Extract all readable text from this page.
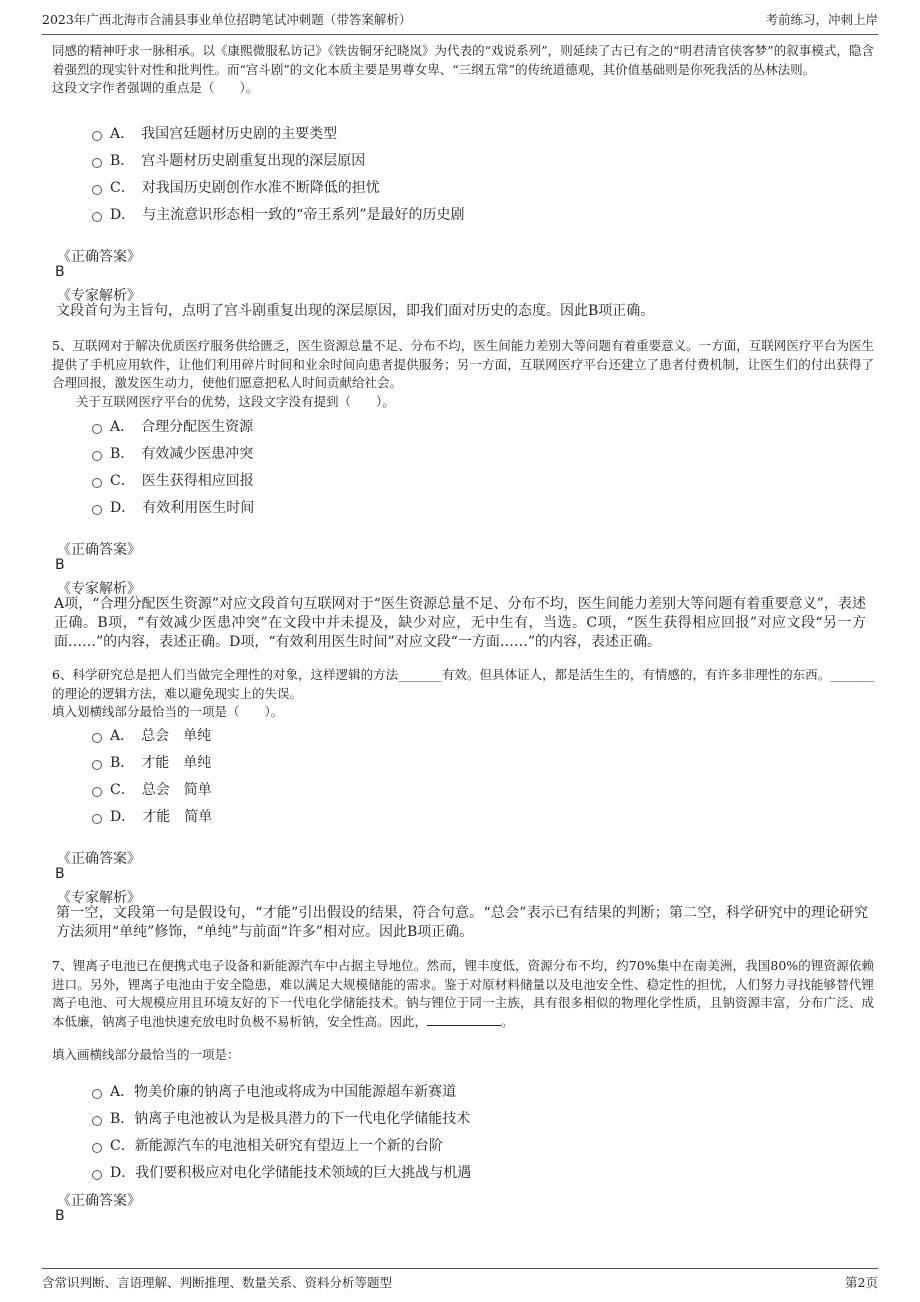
2023年广西北海市合浦县事业单位招聘笔试冲刺题（带答案解析）	考前练习，冲刺上岸

同感的精神吁求一脉相承。以《康熙微服私访记》《铁齿铜牙纪晓岚》为代表的“戏说系列”，则延续了古已有之的“明君清官侠客梦”的叙事模式，隐含着强烈的现实针对性和批判性。而“宫斗剧”的文化本质主要是男尊女卑、“三纲五常”的传统道德观，其价值基础则是你死我活的丛林法则。

这段文字作者强调的重点是（　　）。

A．　我国宫廷题材历史剧的主要类型
B．　宫斗题材历史剧重复出现的深层原因
C．　对我国历史剧创作水准不断降低的担忧
D．　与主流意识形态相一致的“帝王系列”是最好的历史剧
《正确答案》
B
《专家解析》

文段首句为主旨句，点明了宫斗剧重复出现的深层原因，即我们面对历史的态度。因此B项正确。

5、互联网对于解决优质医疗服务供给匮乏，医生资源总量不足、分布不均，医生间能力差别大等问题有着重要意义。一方面，互联网医疗平台为医生提供了手机应用软件，让他们利用碎片时间和业余时间向患者提供服务；另一方面，互联网医疗平台还建立了患者付费机制，让医生们的付出获得了合理回报，激发医生动力，使他们愿意把私人时间贡献给社会。

关于互联网医疗平台的优势，这段文字没有提到（　　）。

A．　合理分配医生资源
B．　有效减少医患冲突
C．　医生获得相应回报
D．　有效利用医生时间
《正确答案》
B
《专家解析》

A项，“合理分配医生资源”对应文段首句互联网对于“医生资源总量不足、分布不均，医生间能力差别大等问题有着重要意义”，表述正确。B项，“有效减少医患冲突”在文段中并未提及，缺少对应，无中生有，当选。C项，“医生获得相应回报”对应文段“另一方面……”的内容，表述正确。D项，“有效利用医生时间”对应文段“一方面……”的内容，表述正确。

6、科学研究总是把人们当做完全理性的对象，这样逻辑的方法_______有效。但具体证人，都是活生生的，有情感的，有许多非理性的东西。_______的理论的逻辑方法，难以避免现实上的失误。

填入划横线部分最恰当的一项是（　　）。

A．　总会　单纯
B．　才能　单纯
C．　总会　简单
D．　才能　简单
《正确答案》
B
《专家解析》

第一空，文段第一句是假设句，“才能”引出假设的结果，符合句意。“总会”表示已有结果的判断；第二空，科学研究中的理论研究方法须用“单纯”修饰，“单纯”与前面“许多”相对应。因此B项正确。

7、锂离子电池已在便携式电子设备和新能源汽车中占据主导地位。然而，锂丰度低，资源分布不均，约70%集中在南美洲，我国80%的锂资源依赖进口。另外，锂离子电池由于安全隐患，难以满足大规模储能的需求。鉴于对原材料储量以及电池安全性、稳定性的担忧，人们努力寻找能够替代锂离子电池、可大规模应用且环境友好的下一代电化学储能技术。钠与锂位于同一主族，具有很多相似的物理化学性质，且钠资源丰富，分布广泛、成本低廉，钠离子电池快速充放电时负极不易析钠，安全性高。因此，	。

填入画横线部分最恰当的一项是：

A．物美价廉的钠离子电池或将成为中国能源超车新赛道
B．钠离子电池被认为是极具潜力的下一代电化学储能技术
C．新能源汽车的电池相关研究有望迈上一个新的台阶
D．我们要积极应对电化学储能技术领域的巨大挑战与机遇
《正确答案》
B
含常识判断、言语理解、判断推理、数量关系、资料分析等题型	第2页
